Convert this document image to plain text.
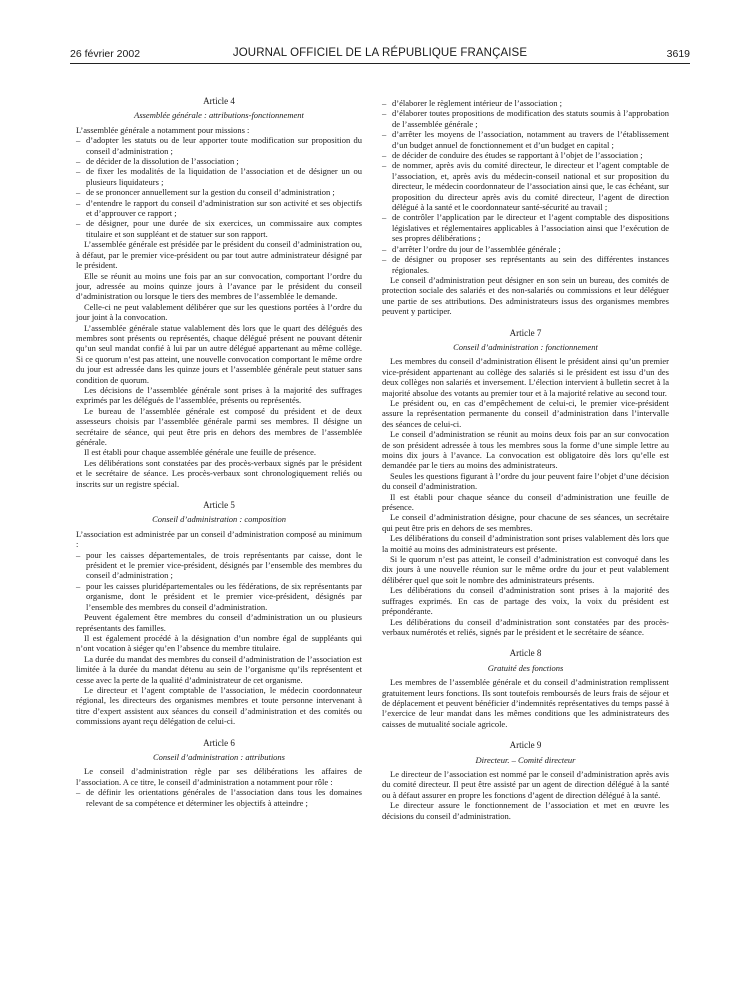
26 février 2002	JOURNAL OFFICIEL DE LA RÉPUBLIQUE FRANÇAISE	3619
Article 4
Assemblée générale : attributions-fonctionnement

L’assemblée générale a notamment pour missions :

– d’adopter les statuts ou de leur apporter toute modification sur proposition du conseil d’administration ;
– de décider de la dissolution de l’association ;
– de fixer les modalités de la liquidation de l’association et de désigner un ou plusieurs liquidateurs ;
– de se prononcer annuellement sur la gestion du conseil d’administration ;
– d’entendre le rapport du conseil d’administration sur son activité et ses objectifs et d’approuver ce rapport ;
– de désigner, pour une durée de six exercices, un commissaire aux comptes titulaire et son suppléant et de statuer sur son rapport.

L’assemblée générale est présidée par le président du conseil d’administration ou, à défaut, par le premier vice-président ou par tout autre administrateur désigné par le président.

Elle se réunit au moins une fois par an sur convocation, comportant l’ordre du jour, adressée au moins quinze jours à l’avance par le président du conseil d’administration ou lorsque le tiers des membres de l’assemblée le demande.

Celle-ci ne peut valablement délibérer que sur les questions portées à l’ordre du jour joint à la convocation.

L’assemblée générale statue valablement dès lors que le quart des délégués des membres sont présents ou représentés, chaque délégué présent ne pouvant détenir qu’un seul mandat confié à lui par un autre délégué appartenant au même collège. Si ce quorum n’est pas atteint, une nouvelle convocation comportant le même ordre du jour est adressée dans les quinze jours et l’assemblée générale peut statuer sans condition de quorum.

Les décisions de l’assemblée générale sont prises à la majorité des suffrages exprimés par les délégués de l’assemblée, présents ou représentés.

Le bureau de l’assemblée générale est composé du président et de deux assesseurs choisis par l’assemblée générale parmi ses membres. Il désigne un secrétaire de séance, qui peut être pris en dehors des membres de l’assemblée générale.

Il est établi pour chaque assemblée générale une feuille de présence.

Les délibérations sont constatées par des procès-verbaux signés par le président et le secrétaire de séance. Les procès-verbaux sont chronologiquement reliés ou inscrits sur un registre spécial.

Article 5
Conseil d’administration : composition

L’association est administrée par un conseil d’administration composé au minimum :

– pour les caisses départementales, de trois représentants par caisse, dont le président et le premier vice-président, désignés par l’ensemble des membres du conseil d’administration ;
– pour les caisses pluridépartementales ou les fédérations, de six représentants par organisme, dont le président et le premier vice-président, désignés par l’ensemble des membres du conseil d’administration.

Peuvent également être membres du conseil d’administration un ou plusieurs représentants des familles.

Il est également procédé à la désignation d’un nombre égal de suppléants qui n’ont vocation à siéger qu’en l’absence du membre titulaire.

La durée du mandat des membres du conseil d’administration de l’association est limitée à la durée du mandat détenu au sein de l’organisme qu’ils représentent et cesse avec la perte de la qualité d’administrateur de cet organisme.

Le directeur et l’agent comptable de l’association, le médecin coordonnateur régional, les directeurs des organismes membres et toute personne intervenant à titre d’expert assistent aux séances du conseil d’administration et des comités ou commissions ayant reçu délégation de celui-ci.

Article 6
Conseil d’administration : attributions

Le conseil d’administration règle par ses délibérations les affaires de l’association. A ce titre, le conseil d’administration a notamment pour rôle :

– de définir les orientations générales de l’association dans tous les domaines relevant de sa compétence et déterminer les objectifs à atteindre ;
– d’élaborer le règlement intérieur de l’association ;
– d’élaborer toutes propositions de modification des statuts soumis à l’approbation de l’assemblée générale ;
– d’arrêter les moyens de l’association, notamment au travers de l’établissement d’un budget annuel de fonctionnement et d’un budget en capital ;
– de décider de conduire des études se rapportant à l’objet de l’association ;
– de nommer, après avis du comité directeur, le directeur et l’agent comptable de l’association, et, après avis du médecin-conseil national et sur proposition du directeur, le médecin coordonnateur de l’association ainsi que, le cas échéant, sur proposition du directeur après avis du comité directeur, l’agent de direction délégué à la santé et le coordonnateur santé-sécurité au travail ;
– de contrôler l’application par le directeur et l’agent comptable des dispositions législatives et réglementaires applicables à l’association ainsi que l’exécution de ses propres délibérations ;
– d’arrêter l’ordre du jour de l’assemblée générale ;
– de désigner ou proposer ses représentants au sein des différentes instances régionales.

Le conseil d’administration peut désigner en son sein un bureau, des comités de protection sociale des salariés et des non-salariés ou commissions et leur déléguer une partie de ses attributions. Des administrateurs issus des organismes membres peuvent y participer.

Article 7
Conseil d’administration : fonctionnement

Les membres du conseil d’administration élisent le président ainsi qu’un premier vice-président appartenant au collège des salariés si le président est issu d’un des deux collèges non salariés et inversement. L’élection intervient à bulletin secret à la majorité absolue des votants au premier tour et à la majorité relative au second tour.

Le président ou, en cas d’empêchement de celui-ci, le premier vice-président assure la représentation permanente du conseil d’administration dans l’intervalle des séances de celui-ci.

Le conseil d’administration se réunit au moins deux fois par an sur convocation de son président adressée à tous les membres sous la forme d’une simple lettre au moins dix jours à l’avance. La convocation est obligatoire dès lors qu’elle est demandée par le tiers au moins des administrateurs.

Seules les questions figurant à l’ordre du jour peuvent faire l’objet d’une décision du conseil d’administration.

Il est établi pour chaque séance du conseil d’administration une feuille de présence.

Le conseil d’administration désigne, pour chacune de ses séances, un secrétaire qui peut être pris en dehors de ses membres.

Les délibérations du conseil d’administration sont prises valablement dès lors que la moitié au moins des administrateurs est présente.

Si le quorum n’est pas atteint, le conseil d’administration est convoqué dans les dix jours à une nouvelle réunion sur le même ordre du jour et peut valablement délibérer quel que soit le nombre des administrateurs présents.

Les délibérations du conseil d’administration sont prises à la majorité des suffrages exprimés. En cas de partage des voix, la voix du président est prépondérante.

Les délibérations du conseil d’administration sont constatées par des procès-verbaux numérotés et reliés, signés par le président et le secrétaire de séance.

Article 8
Gratuité des fonctions

Les membres de l’assemblée générale et du conseil d’administration remplissent gratuitement leurs fonctions. Ils sont toutefois remboursés de leurs frais de séjour et de déplacement et peuvent bénéficier d’indemnités représentatives du temps passé à l’exercice de leur mandat dans les mêmes conditions que les administrateurs des caisses de mutualité sociale agricole.

Article 9
Directeur. – Comité directeur

Le directeur de l’association est nommé par le conseil d’administration après avis du comité directeur. Il peut être assisté par un agent de direction délégué à la santé ou à défaut assurer en propre les fonctions d’agent de direction délégué à la santé.

Le directeur assure le fonctionnement de l’association et met en œuvre les décisions du conseil d’administration.
